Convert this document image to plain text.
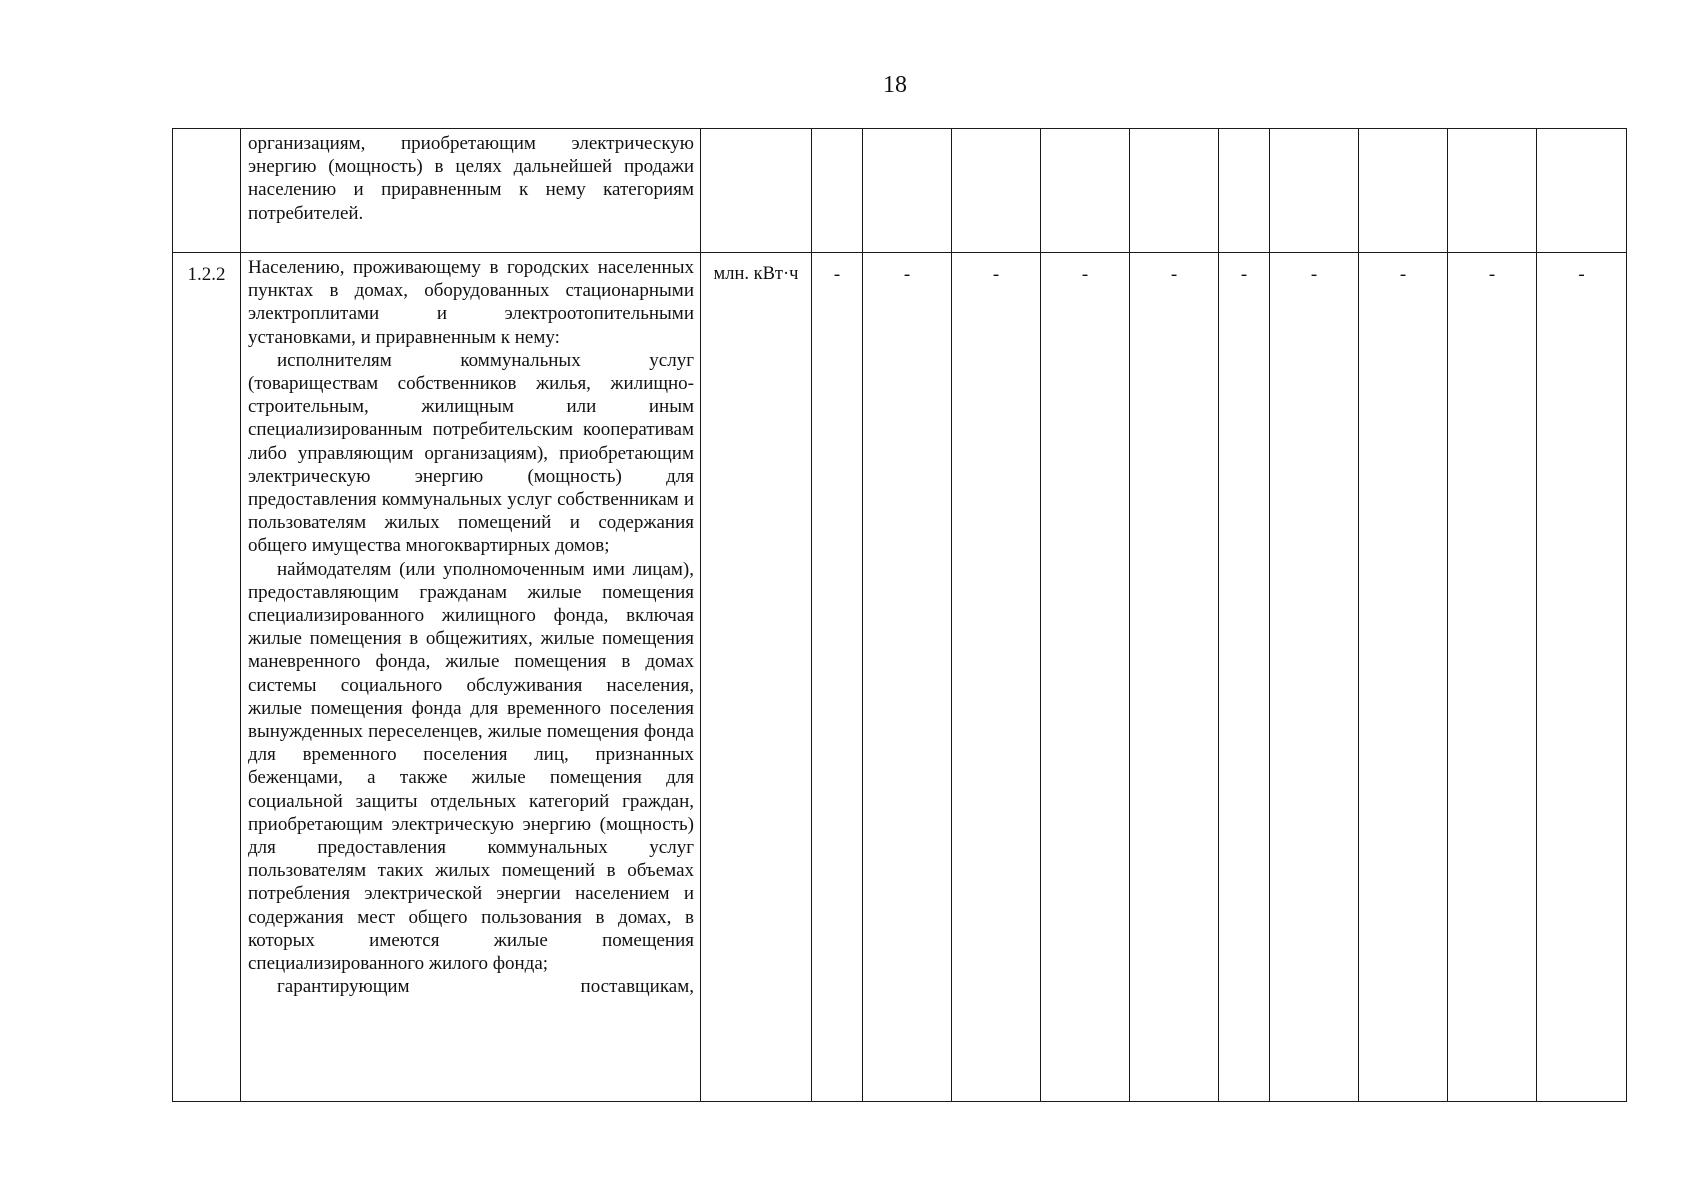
18

	организациям, приобретающим электрическую энергию (мощность) в целях дальнейшей продажи населению и приравненным к нему категориям потребителей.											

1.2.2	Населению, проживающему в городских населенных пунктах в домах, оборудованных стационарными электроплитами и электроотопительными установками, и приравненным к нему:

исполнителям коммунальных услуг (товариществам собственников жилья, жилищно-строительным, жилищным или иным специализированным потребительским кооперативам либо управляющим организациям), приобретающим электрическую энергию (мощность) для предоставления коммунальных услуг собственникам и пользователям жилых помещений и содержания общего имущества многоквартирных домов;

наймодателям (или уполномоченным ими лицам), предоставляющим гражданам жилые помещения специализированного жилищного фонда, включая жилые помещения в общежитиях, жилые помещения маневренного фонда, жилые помещения в домах системы социального обслуживания населения, жилые помещения фонда для временного поселения вынужденных переселенцев, жилые помещения фонда для временного поселения лиц, признанных беженцами, а также жилые помещения для социальной защиты отдельных категорий граждан, приобретающим электрическую энергию (мощность) для предоставления коммунальных услуг пользователям таких жилых помещений в объемах потребления электрической энергии населением и содержания мест общего пользования в домах, в которых имеются жилые помещения специализированного жилого фонда;

гарантирующим поставщикам,	млн. кВт·ч	-	-	-	-	-	-	-	-	-	-
